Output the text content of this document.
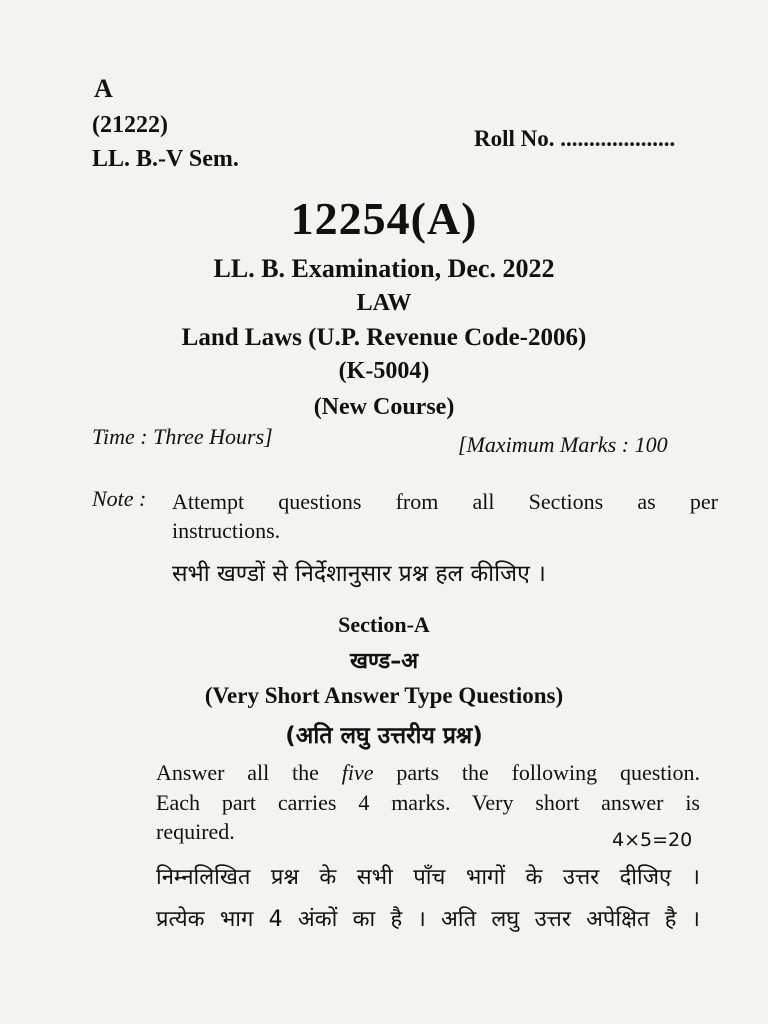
A
(21222)
LL. B.-V Sem.
Roll No. ....................
12254(A)
LL. B. Examination, Dec. 2022
LAW
Land Laws (U.P. Revenue Code-2006)
(K-5004)
(New Course)
Time : Three Hours]	[Maximum Marks : 100
Note : Attempt questions from all Sections as per
instructions.
सभी खण्डों से निर्देशानुसार प्रश्न हल कीजिए ।
Section-A
खण्ड–अ
(Very Short Answer Type Questions)
(अति लघु उत्तरीय प्रश्न)
Answer all the five parts the following question.
Each part carries 4 marks. Very short answer is
required.	4×5=20
निम्नलिखित प्रश्न के सभी पाँच भागों के उत्तर दीजिए ।
प्रत्येक भाग 4 अंकों का है । अति लघु उत्तर अपेक्षित है ।
